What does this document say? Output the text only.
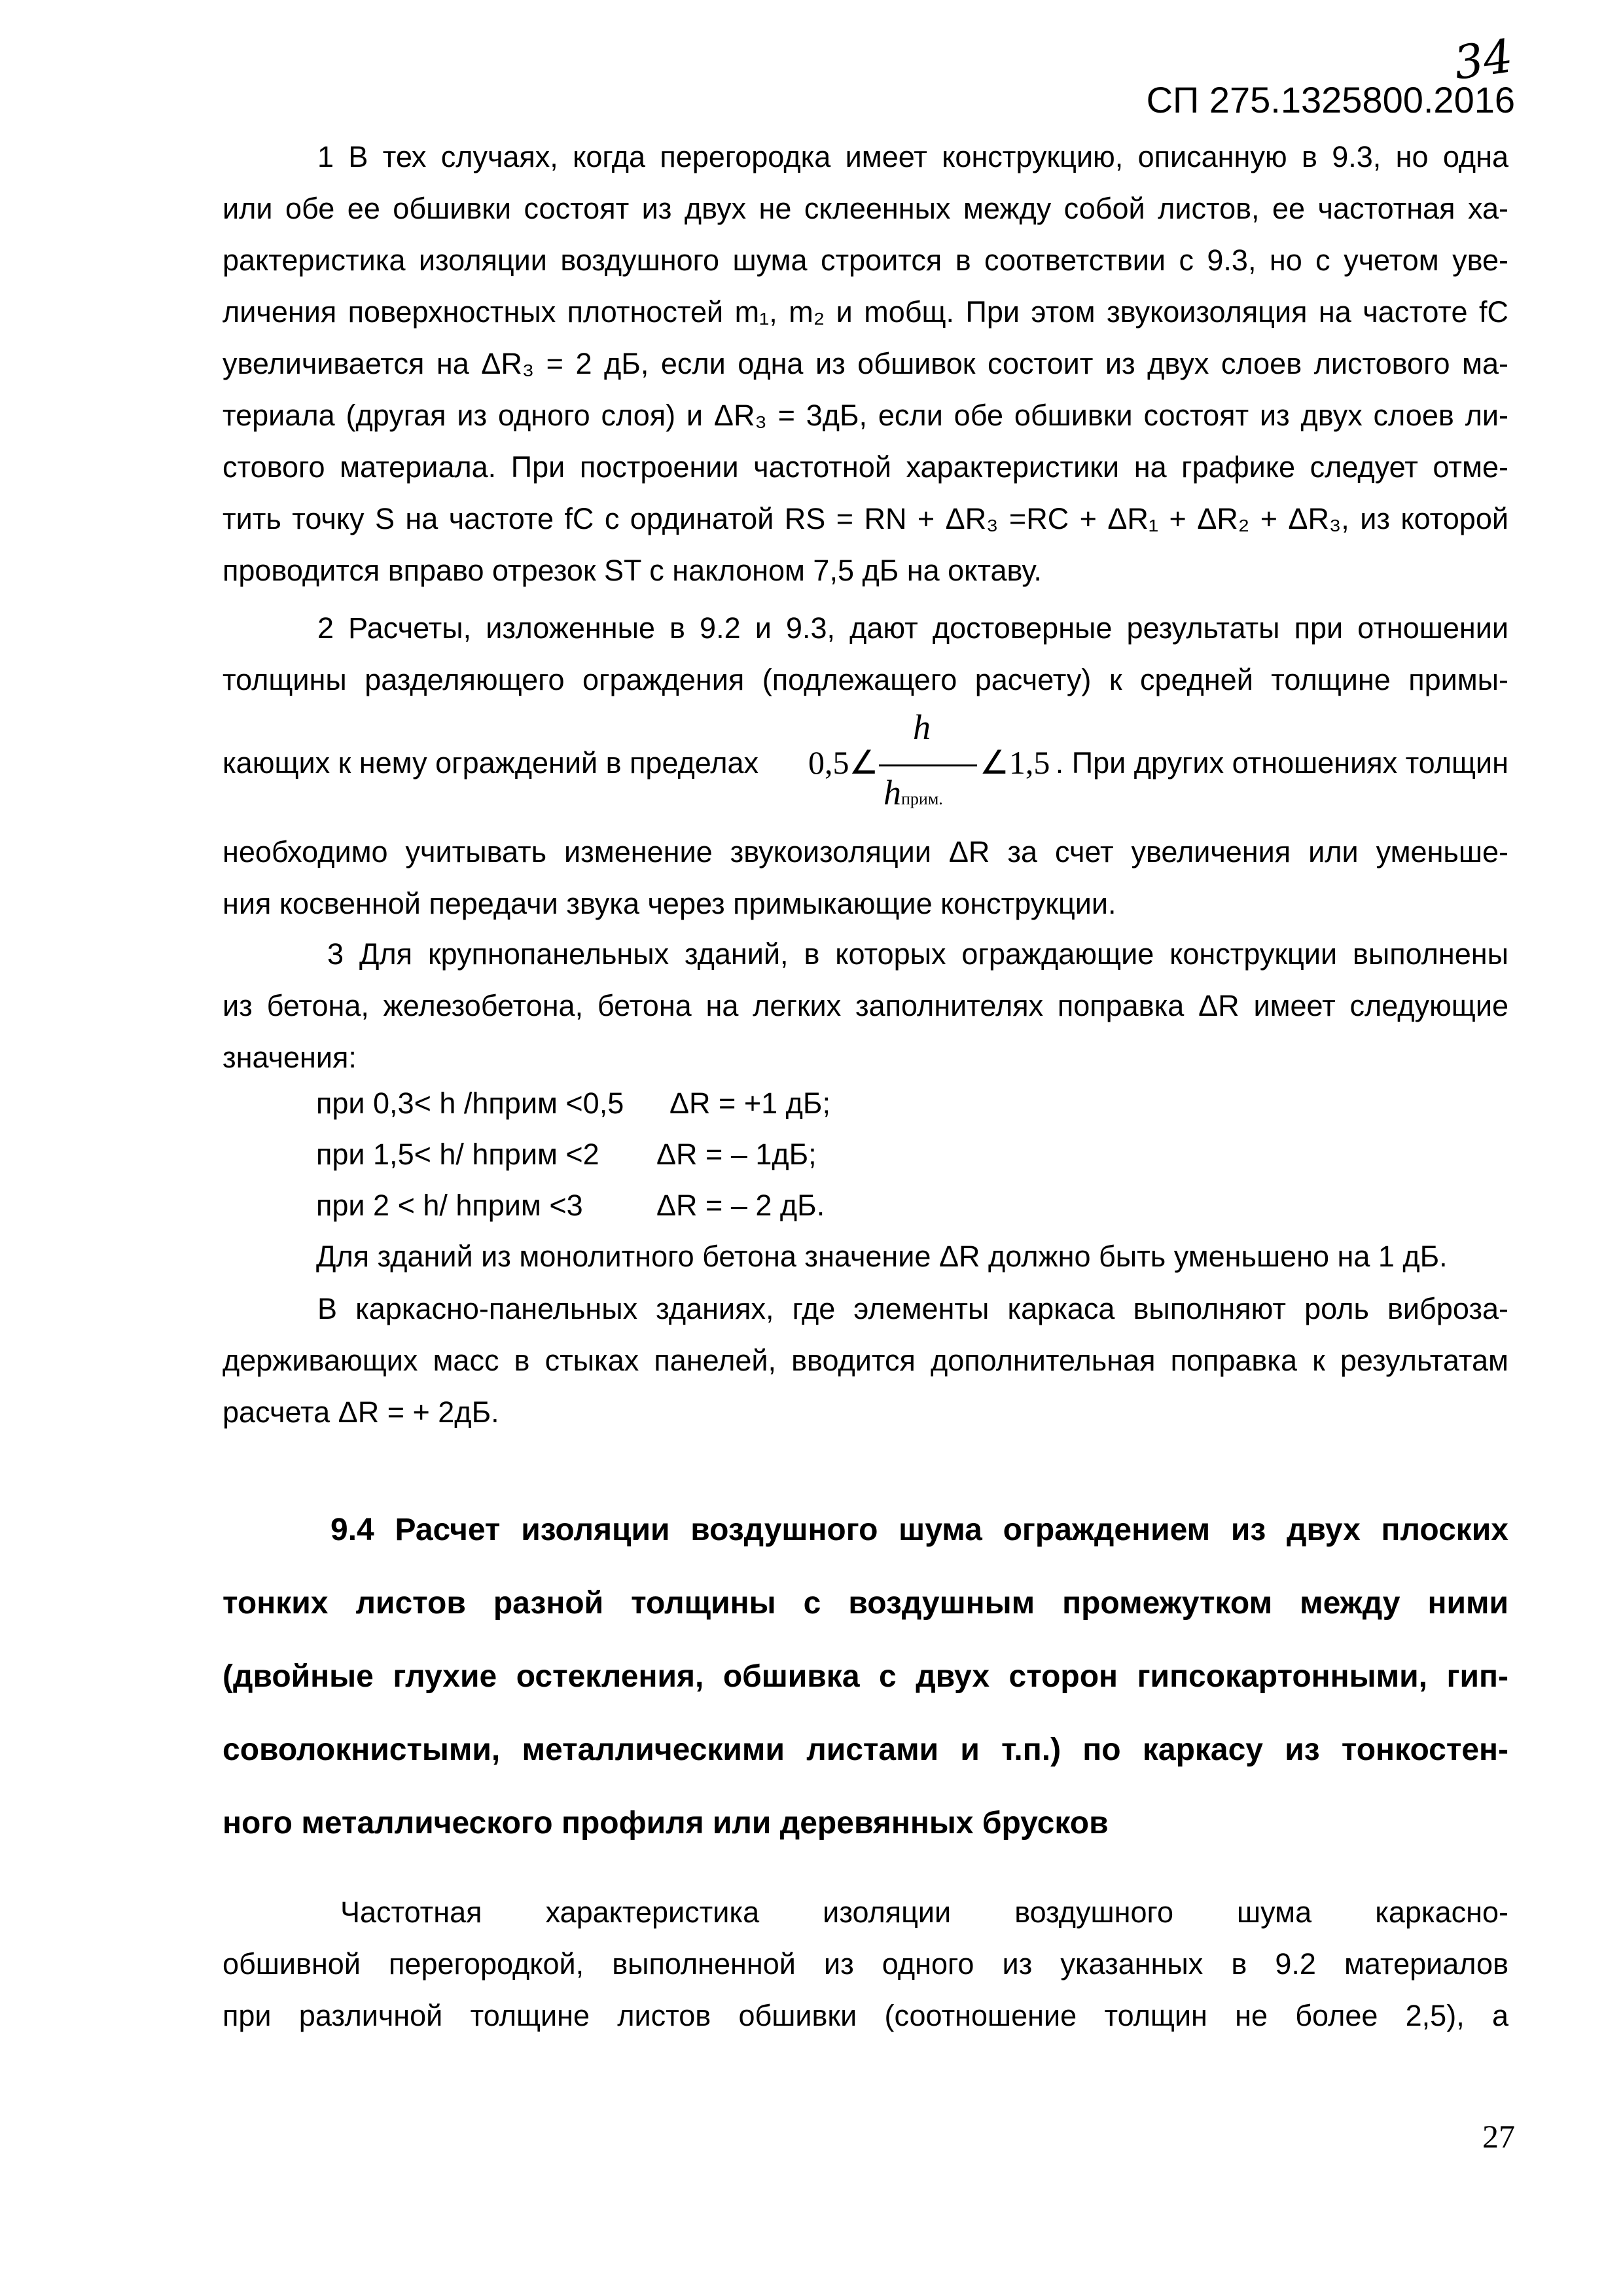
34
СП 275.1325800.2016
1 В тех случаях, когда перегородка имеет конструкцию, описанную в 9.3, но одна
или обе ее обшивки состоят из двух не склеенных между собой листов, ее частотная ха-
рактеристика изоляции воздушного шума строится в соответствии с 9.3, но с учетом уве-
личения поверхностных плотностей m₁, m₂ и mобщ. При этом звукоизоляция на частоте fC
увеличивается на ΔR₃ = 2 дБ, если одна из обшивок состоит из двух слоев листового ма-
териала (другая из одного слоя) и ΔR₃ = 3дБ, если обе обшивки состоят из двух слоев ли-
стового материала. При построении частотной характеристики на графике следует отме-
тить точку S на частоте fC с ординатой RS = RN + ΔR₃ =RC + ΔR₁ + ΔR₂ + ΔR₃, из которой
проводится вправо отрезок ST с наклоном 7,5 дБ на октаву.
2 Расчеты, изложенные в 9.2 и 9.3, дают достоверные результаты при отношении
толщины разделяющего ограждения (подлежащего расчету) к средней толщине примы-
кающих к нему ограждений в пределах 0,5∠
h
hприм.
∠1,5 . При других отношениях толщин
необходимо учитывать изменение звукоизоляции ΔR за счет увеличения или уменьше-
ния косвенной передачи звука через примыкающие конструкции.
3 Для крупнопанельных зданий, в которых ограждающие конструкции выполнены
из бетона, железобетона, бетона на легких заполнителях поправка ΔR имеет следующие
значения:
при 0,3< h /hприм <0,5 ΔR = +1 дБ;
при 1,5< h/ hприм <2 ΔR = – 1дБ;
при 2 < h/ hприм <3 ΔR = – 2 дБ.
Для зданий из монолитного бетона значение ΔR должно быть уменьшено на 1 дБ.
В каркасно-панельных зданиях, где элементы каркаса выполняют роль виброза-
держивающих масс в стыках панелей, вводится дополнительная поправка к результатам
расчета ΔR = + 2дБ.
9.4 Расчет изоляции воздушного шума ограждением из двух плоских
тонких листов разной толщины с воздушным промежутком между ними
(двойные глухие остекления, обшивка с двух сторон гипсокартонными, гип-
соволокнистыми, металлическими листами и т.п.) по каркасу из тонкостен-
ного металлического профиля или деревянных брусков
Частотная характеристика изоляции воздушного шума каркасно-
обшивной перегородкой, выполненной из одного из указанных в 9.2 материалов
при различной толщине листов обшивки (соотношение толщин не более 2,5), а
27
